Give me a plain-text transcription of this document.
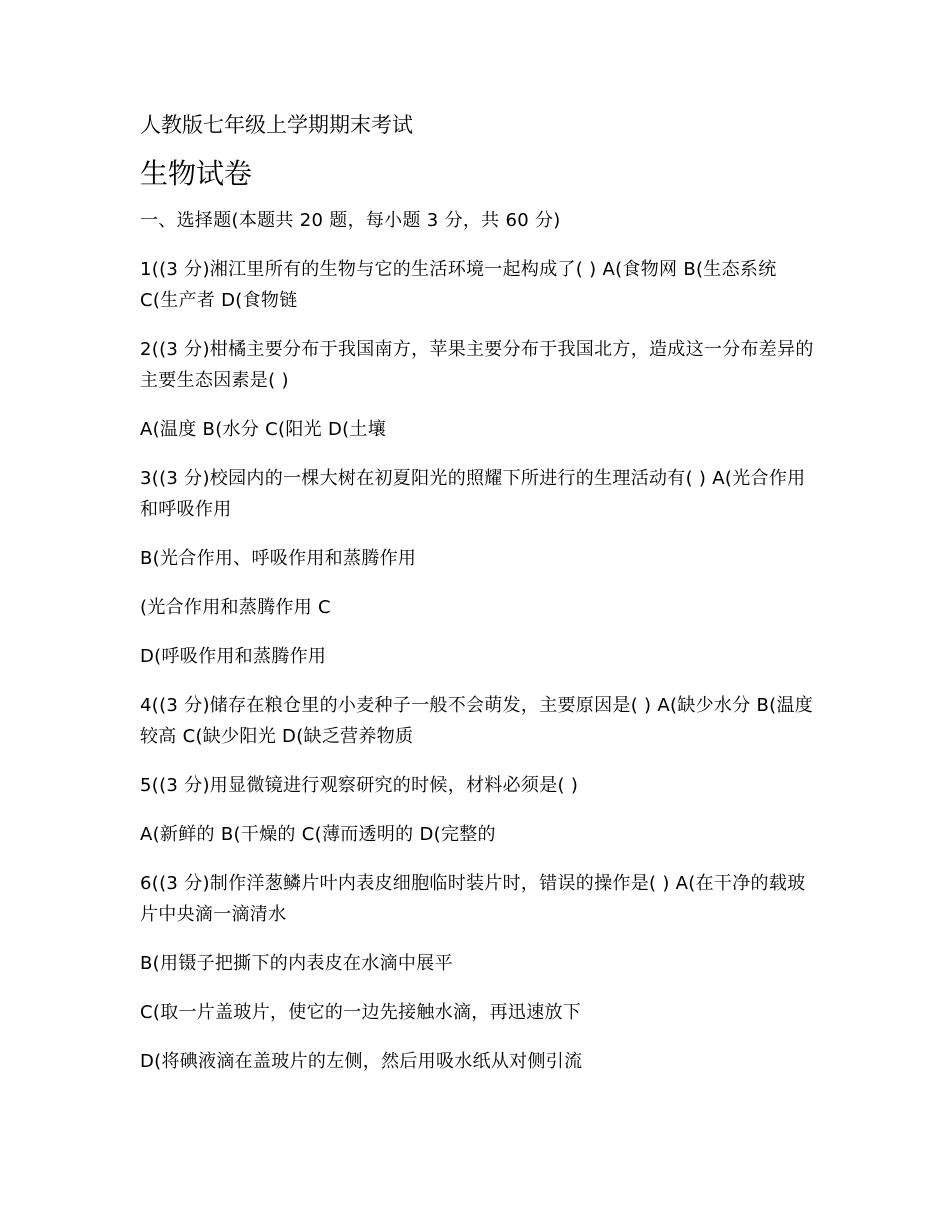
人教版七年级上学期期末考试
生物试卷
一、选择题(本题共 20 题，每小题 3 分，共 60 分)
1((3 分)湘江里所有的生物与它的生活环境一起构成了( ) A(食物网 B(生态系统 C(生产者 D(食物链
2((3 分)柑橘主要分布于我国南方，苹果主要分布于我国北方，造成这一分布差异的主要生态因素是( )
A(温度 B(水分 C(阳光 D(土壤
3((3 分)校园内的一棵大树在初夏阳光的照耀下所进行的生理活动有( ) A(光合作用和呼吸作用
B(光合作用、呼吸作用和蒸腾作用
(光合作用和蒸腾作用 C
D(呼吸作用和蒸腾作用
4((3 分)储存在粮仓里的小麦种子一般不会萌发，主要原因是( ) A(缺少水分 B(温度较高 C(缺少阳光 D(缺乏营养物质
5((3 分)用显微镜进行观察研究的时候，材料必须是( )
A(新鲜的 B(干燥的 C(薄而透明的 D(完整的
6((3 分)制作洋葱鳞片叶内表皮细胞临时装片时，错误的操作是( ) A(在干净的载玻片中央滴一滴清水
B(用镊子把撕下的内表皮在水滴中展平
C(取一片盖玻片，使它的一边先接触水滴，再迅速放下
D(将碘液滴在盖玻片的左侧，然后用吸水纸从对侧引流
